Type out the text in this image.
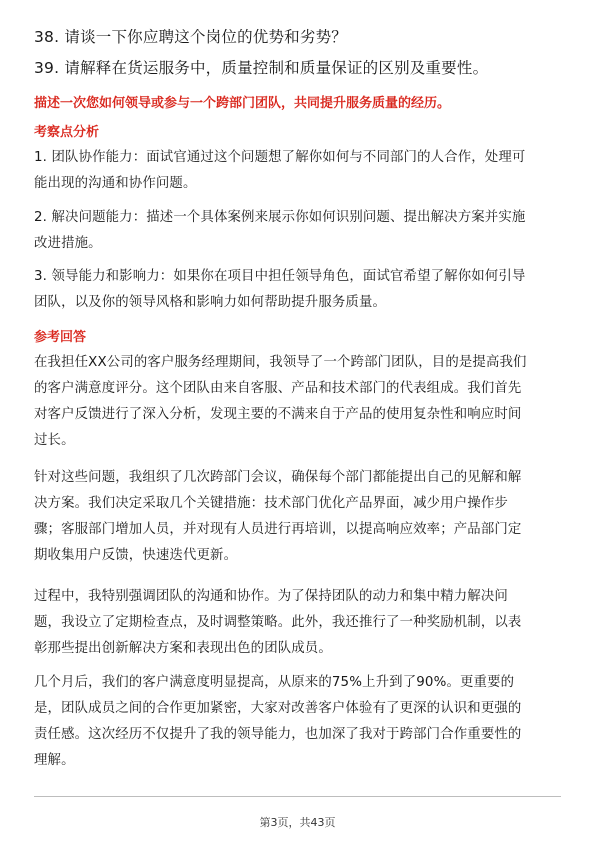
38. 请谈一下你应聘这个岗位的优势和劣势？
39. 请解释在货运服务中，质量控制和质量保证的区别及重要性。
描述一次您如何领导或参与一个跨部门团队，共同提升服务质量的经历。
考察点分析
1. 团队协作能力：面试官通过这个问题想了解你如何与不同部门的人合作，处理可
能出现的沟通和协作问题。
2. 解决问题能力：描述一个具体案例来展示你如何识别问题、提出解决方案并实施
改进措施。
3. 领导能力和影响力：如果你在项目中担任领导角色，面试官希望了解你如何引导
团队，以及你的领导风格和影响力如何帮助提升服务质量。
参考回答
在我担任XX公司的客户服务经理期间，我领导了一个跨部门团队，目的是提高我们
的客户满意度评分。这个团队由来自客服、产品和技术部门的代表组成。我们首先
对客户反馈进行了深入分析，发现主要的不满来自于产品的使用复杂性和响应时间
过长。
针对这些问题，我组织了几次跨部门会议，确保每个部门都能提出自己的见解和解
决方案。我们决定采取几个关键措施：技术部门优化产品界面，减少用户操作步
骤；客服部门增加人员，并对现有人员进行再培训，以提高响应效率；产品部门定
期收集用户反馈，快速迭代更新。
过程中，我特别强调团队的沟通和协作。为了保持团队的动力和集中精力解决问
题，我设立了定期检查点，及时调整策略。此外，我还推行了一种奖励机制，以表
彰那些提出创新解决方案和表现出色的团队成员。
几个月后，我们的客户满意度明显提高，从原来的75%上升到了90%。更重要的
是，团队成员之间的合作更加紧密，大家对改善客户体验有了更深的认识和更强的
责任感。这次经历不仅提升了我的领导能力，也加深了我对于跨部门合作重要性的
理解。
第3页，共43页
